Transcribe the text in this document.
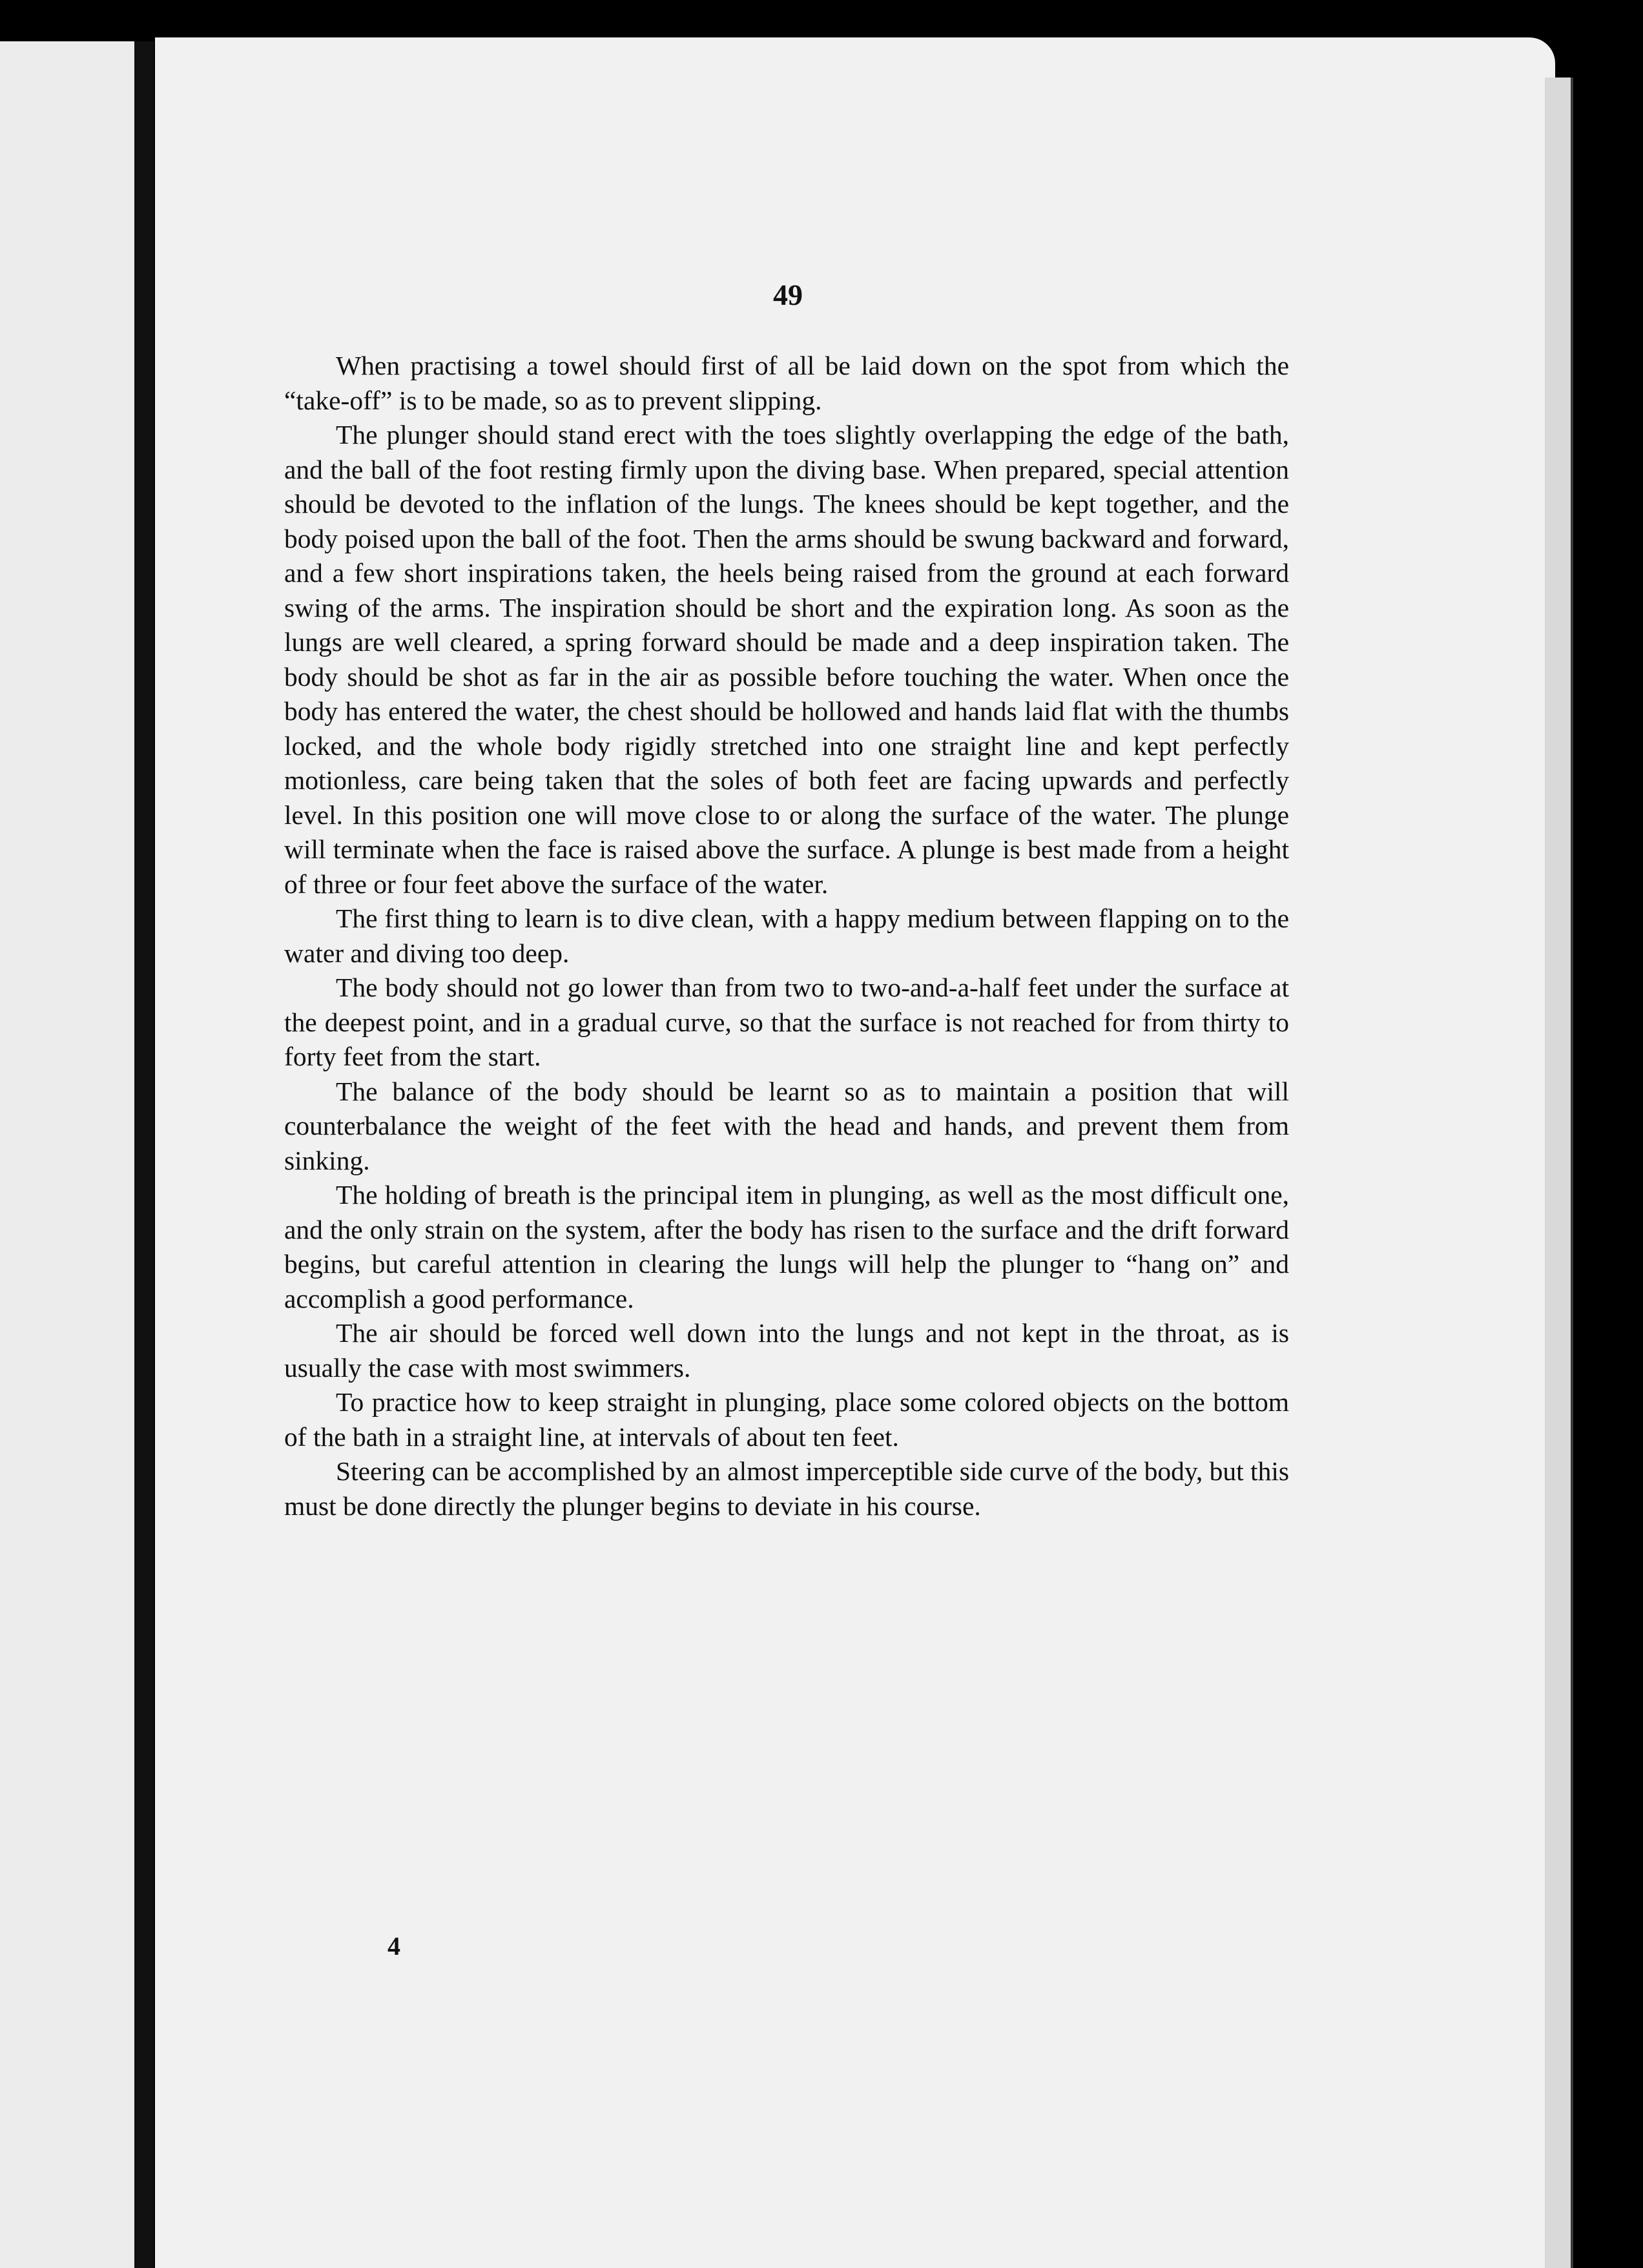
49

When practising a towel should first of all be laid down on the spot from which the “take-off” is to be made, so as to prevent slipping.

The plunger should stand erect with the toes slightly overlapping the edge of the bath, and the ball of the foot resting firmly upon the diving base. When prepared, special attention should be devoted to the inflation of the lungs. The knees should be kept together, and the body poised upon the ball of the foot. Then the arms should be swung backward and forward, and a few short inspirations taken, the heels being raised from the ground at each forward swing of the arms. The inspiration should be short and the expiration long. As soon as the lungs are well cleared, a spring forward should be made and a deep inspiration taken. The body should be shot as far in the air as possible before touching the water. When once the body has entered the water, the chest should be hollowed and hands laid flat with the thumbs locked, and the whole body rigidly stretched into one straight line and kept perfectly motionless, care being taken that the soles of both feet are facing upwards and perfectly level. In this position one will move close to or along the surface of the water. The plunge will terminate when the face is raised above the surface. A plunge is best made from a height of three or four feet above the surface of the water.

The first thing to learn is to dive clean, with a happy medium between flapping on to the water and diving too deep.

The body should not go lower than from two to two-and-a-half feet under the surface at the deepest point, and in a gradual curve, so that the surface is not reached for from thirty to forty feet from the start.

The balance of the body should be learnt so as to maintain a position that will counterbalance the weight of the feet with the head and hands, and prevent them from sinking.

The holding of breath is the principal item in plunging, as well as the most difficult one, and the only strain on the system, after the body has risen to the surface and the drift forward begins, but careful attention in clearing the lungs will help the plunger to “hang on” and accomplish a good performance.

The air should be forced well down into the lungs and not kept in the throat, as is usually the case with most swimmers.

To practice how to keep straight in plunging, place some colored objects on the bottom of the bath in a straight line, at intervals of about ten feet.

Steering can be accomplished by an almost imperceptible side curve of the body, but this must be done directly the plunger begins to deviate in his course.

4
